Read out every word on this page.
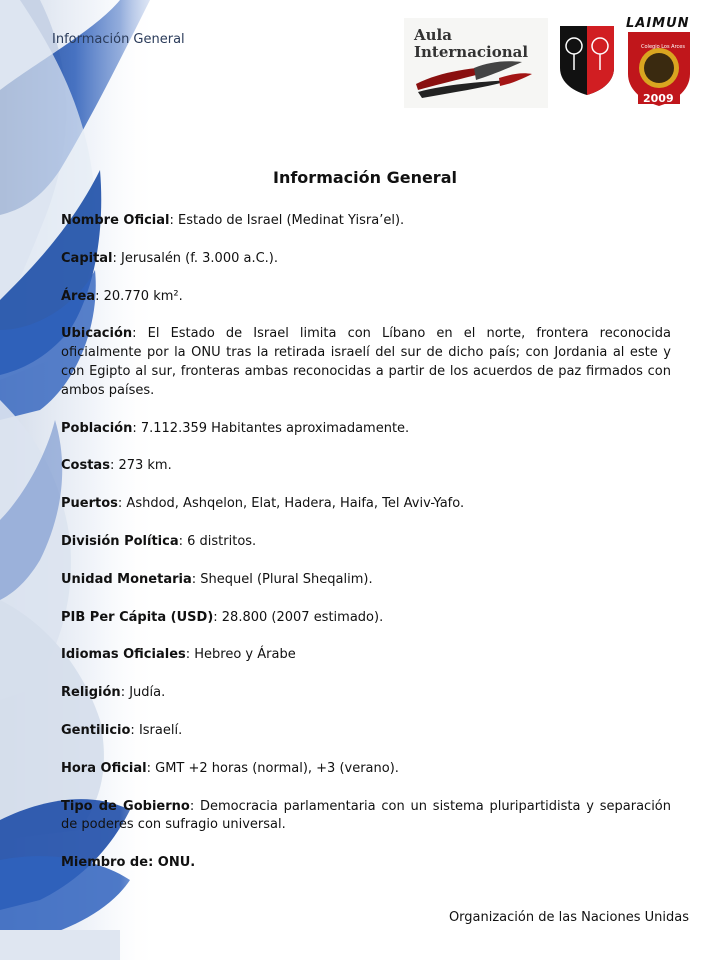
Información General	Aula
Internacional
LAIMUN
Colegio Los Arces
2009
Información General

Nombre Oficial: Estado de Israel (Medinat Yisra’el).

Capital: Jerusalén (f. 3.000 a.C.).

Área: 20.770 km².

Ubicación: El Estado de Israel limita con Líbano en el norte, frontera reconocida oficialmente por la ONU tras la retirada israelí del sur de dicho país; con Jordania al este y con Egipto al sur, fronteras ambas reconocidas a partir de los acuerdos de paz firmados con ambos países.

Población: 7.112.359 Habitantes aproximadamente.

Costas: 273 km.

Puertos: Ashdod, Ashqelon, Elat, Hadera, Haifa, Tel Aviv-Yafo.

División Política: 6 distritos.

Unidad Monetaria: Shequel (Plural Sheqalim).

PIB Per Cápita (USD): 28.800 (2007 estimado).

Idiomas Oficiales: Hebreo y Árabe

Religión: Judía.

Gentilicio: Israelí.

Hora Oficial: GMT +2 horas (normal), +3 (verano).

Tipo de Gobierno: Democracia parlamentaria con un sistema pluripartidista y separación de poderes con sufragio universal.

Miembro de: ONU.

Organización de las Naciones Unidas
